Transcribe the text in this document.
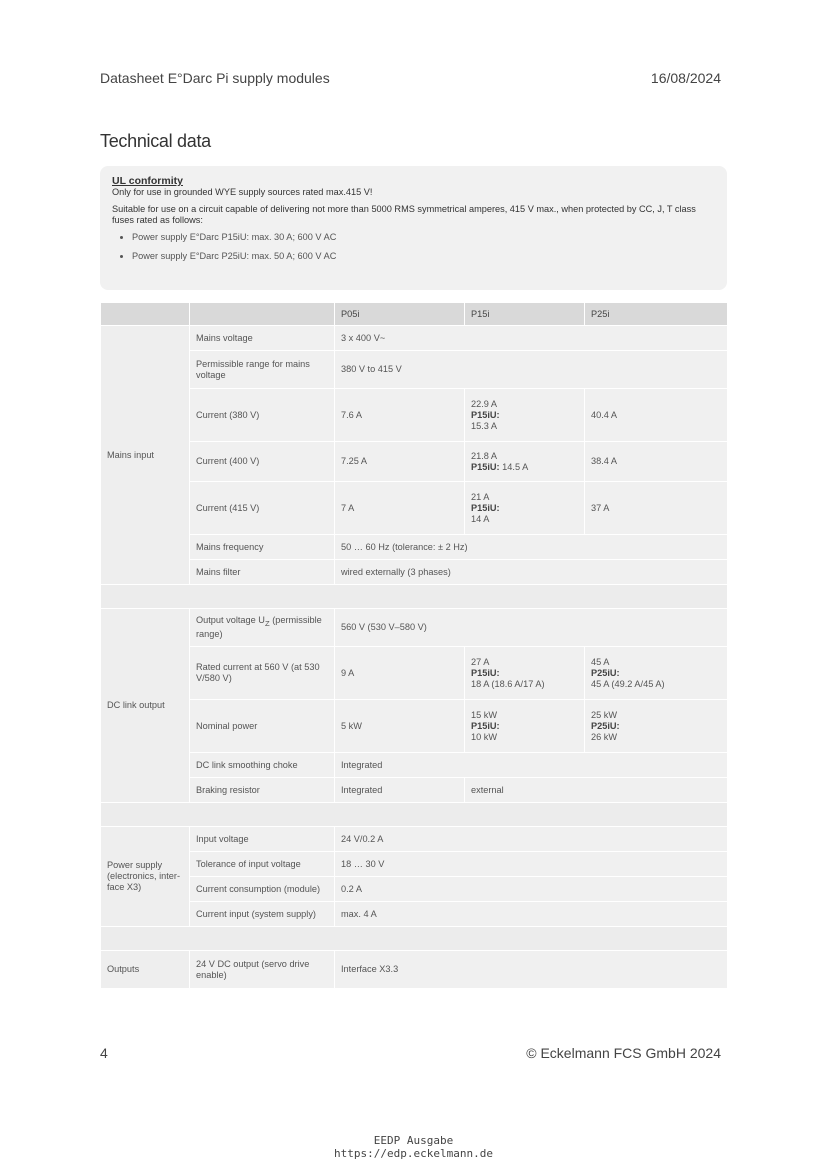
Datasheet E°Darc Pi supply modules	16/08/2024
Technical data
UL conformity
Only for use in grounded WYE supply sources rated max.415 V!
Suitable for use on a circuit capable of delivering not more than 5000 RMS symmetrical amperes, 415 V max., when protected by CC, J, T class fuses rated as follows:
• Power supply E°Darc P15iU: max. 30 A; 600 V AC
• Power supply E°Darc P25iU: max. 50 A; 600 V AC
		P05i	P15i	P25i
Mains input	Mains voltage	3 x 400 V~		
	Permissible range for mains voltage	380 V to 415 V		
	Current (380 V)	7.6 A	22.9 A
P15iU:
15.3 A	40.4 A
	Current (400 V)	7.25 A	21.8 A
P15iU: 14.5 A	38.4 A
	Current (415 V)	7 A	21 A
P15iU:
14 A	37 A
	Mains frequency	50 … 60 Hz (tolerance: ± 2 Hz)		
	Mains filter	wired externally (3 phases)		

DC link output	Output voltage $U_Z$ (permissible range)	560 V (530 V–580 V)		
	Rated current at 560 V (at 530 V/580 V)	9 A	27 A
P15iU:
18 A (18.6 A/17 A)	45 A
P25iU:
45 A (49.2 A/45 A)
	Nominal power	5 kW	15 kW
P15iU:
10 kW	25 kW
P25iU:
26 kW
	DC link smoothing choke	Integrated		
	Braking resistor	Integrated	external	

Power supply (electronics, inter-face X3)	Input voltage	24 V/0.2 A		
	Tolerance of input voltage	18 … 30 V		
	Current consumption (module)	0.2 A		
	Current input (system supply)	max. 4 A		

Outputs	24 V DC output (servo drive enable)	Interface X3.3		
4	© Eckelmann FCS GmbH 2024
EEDP Ausgabe
https://edp.eckelmann.de
